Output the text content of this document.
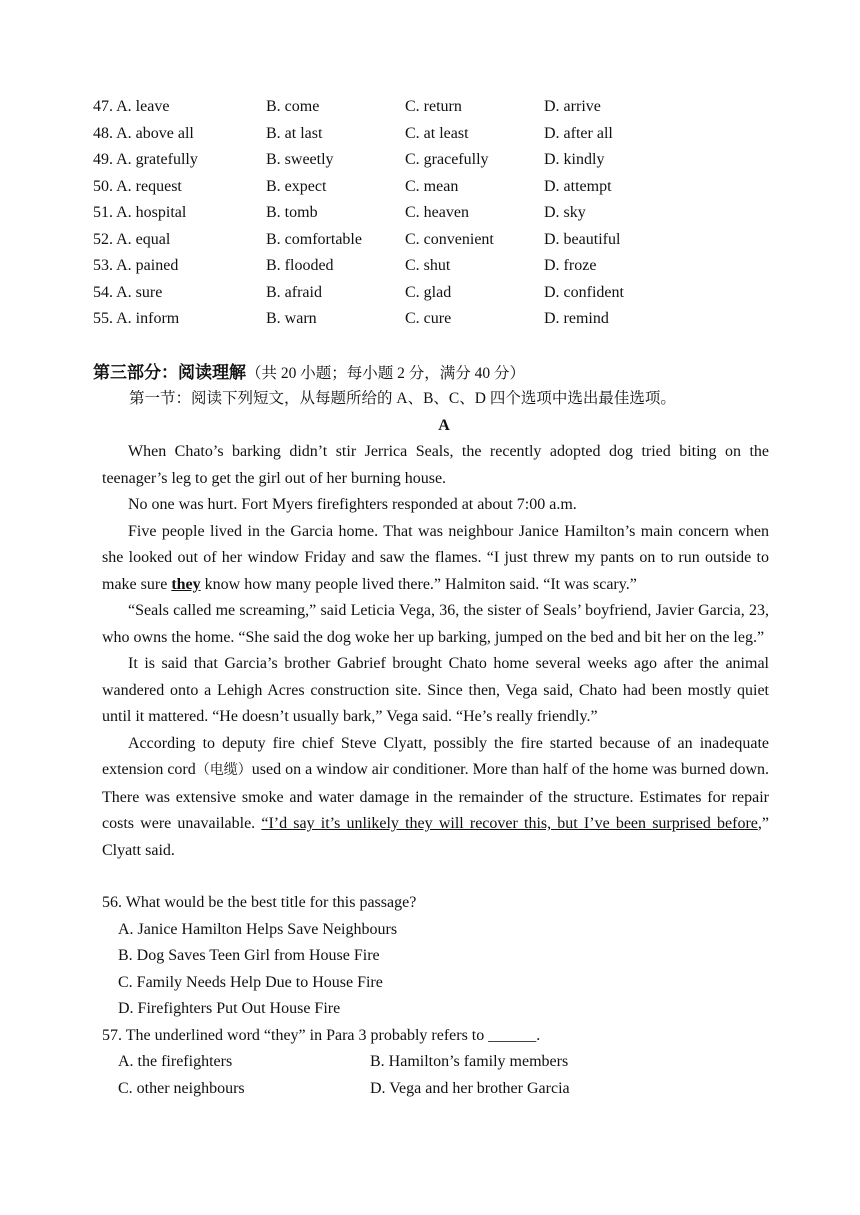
47. A. leave	B. come	C. return	D. arrive
48. A. above all	B. at last	C. at least	D. after all
49. A. gratefully	B. sweetly	C. gracefully	D. kindly
50. A. request	B. expect	C. mean	D. attempt
51. A. hospital	B. tomb	C. heaven	D. sky
52. A. equal	B. comfortable	C. convenient	D. beautiful
53. A. pained	B. flooded	C. shut	D. froze
54. A. sure	B. afraid	C. glad	D. confident
55. A. inform	B. warn	C. cure	D. remind
第三部分：阅读理解（共 20 小题；每小题 2 分，满分 40 分）
第一节：阅读下列短文，从每题所给的 A、B、C、D 四个选项中选出最佳选项。
A

When Chato’s barking didn’t stir Jerrica Seals, the recently adopted dog tried biting on the teenager’s leg to get the girl out of her burning house.

No one was hurt. Fort Myers firefighters responded at about 7:00 a.m.

Five people lived in the Garcia home. That was neighbour Janice Hamilton’s main concern when she looked out of her window Friday and saw the flames. “I just threw my pants on to run outside to make sure they know how many people lived there.” Halmiton said. “It was scary.”

“Seals called me screaming,” said Leticia Vega, 36, the sister of Seals’ boyfriend, Javier Garcia, 23, who owns the home. “She said the dog woke her up barking, jumped on the bed and bit her on the leg.”

It is said that Garcia’s brother Gabrief brought Chato home several weeks ago after the animal wandered onto a Lehigh Acres construction site. Since then, Vega said, Chato had been mostly quiet until it mattered. “He doesn’t usually bark,” Vega said. “He’s really friendly.”

According to deputy fire chief Steve Clyatt, possibly the fire started because of an inadequate extension cord（电缆）used on a window air conditioner. More than half of the home was burned down. There was extensive smoke and water damage in the remainder of the structure. Estimates for repair costs were unavailable. “I’d say it’s unlikely they will recover this, but I’ve been surprised before,” Clyatt said.

56. What would be the best title for this passage?
A. Janice Hamilton Helps Save Neighbours
B. Dog Saves Teen Girl from House Fire
C. Family Needs Help Due to House Fire
D. Firefighters Put Out House Fire
57. The underlined word “they” in Para 3 probably refers to ______.
A. the firefighters	B. Hamilton’s family members
C. other neighbours	D. Vega and her brother Garcia
